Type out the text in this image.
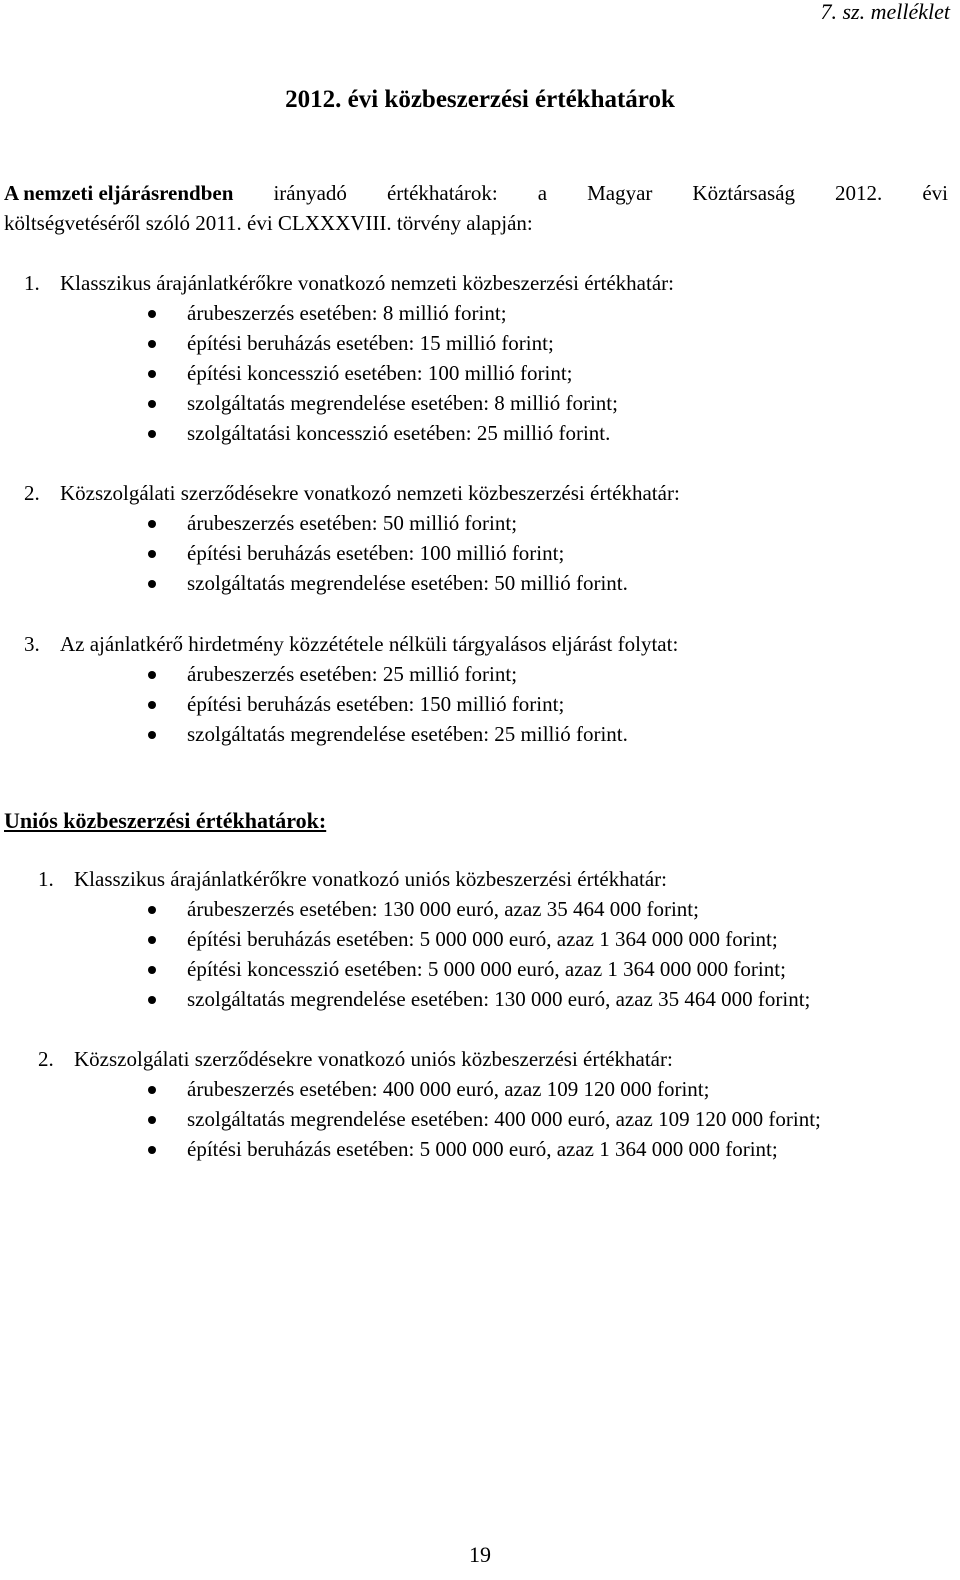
7. sz. melléklet
2012. évi közbeszerzési értékhatárok
A nemzeti eljárásrendben irányadó értékhatárok: a Magyar Köztársaság 2012. évi
költségvetéséről szóló 2011. évi CLXXXVIII. törvény alapján:
1. Klasszikus árajánlatkérőkre vonatkozó nemzeti közbeszerzési értékhatár:
árubeszerzés esetében: 8 millió forint;
építési beruházás esetében: 15 millió forint;
építési koncesszió esetében: 100 millió forint;
szolgáltatás megrendelése esetében: 8 millió forint;
szolgáltatási koncesszió esetében: 25 millió forint.
2. Közszolgálati szerződésekre vonatkozó nemzeti közbeszerzési értékhatár:
árubeszerzés esetében: 50 millió forint;
építési beruházás esetében: 100 millió forint;
szolgáltatás megrendelése esetében: 50 millió forint.
3. Az ajánlatkérő hirdetmény közzététele nélküli tárgyalásos eljárást folytat:
árubeszerzés esetében: 25 millió forint;
építési beruházás esetében: 150 millió forint;
szolgáltatás megrendelése esetében: 25 millió forint.
Uniós közbeszerzési értékhatárok:
1. Klasszikus árajánlatkérőkre vonatkozó uniós közbeszerzési értékhatár:
árubeszerzés esetében: 130 000 euró, azaz 35 464 000 forint;
építési beruházás esetében: 5 000 000 euró, azaz 1 364 000 000 forint;
építési koncesszió esetében: 5 000 000 euró, azaz 1 364 000 000 forint;
szolgáltatás megrendelése esetében: 130 000 euró, azaz 35 464 000 forint;
2. Közszolgálati szerződésekre vonatkozó uniós közbeszerzési értékhatár:
árubeszerzés esetében: 400 000 euró, azaz 109 120 000 forint;
szolgáltatás megrendelése esetében: 400 000 euró, azaz 109 120 000 forint;
építési beruházás esetében: 5 000 000 euró, azaz 1 364 000 000 forint;
19
